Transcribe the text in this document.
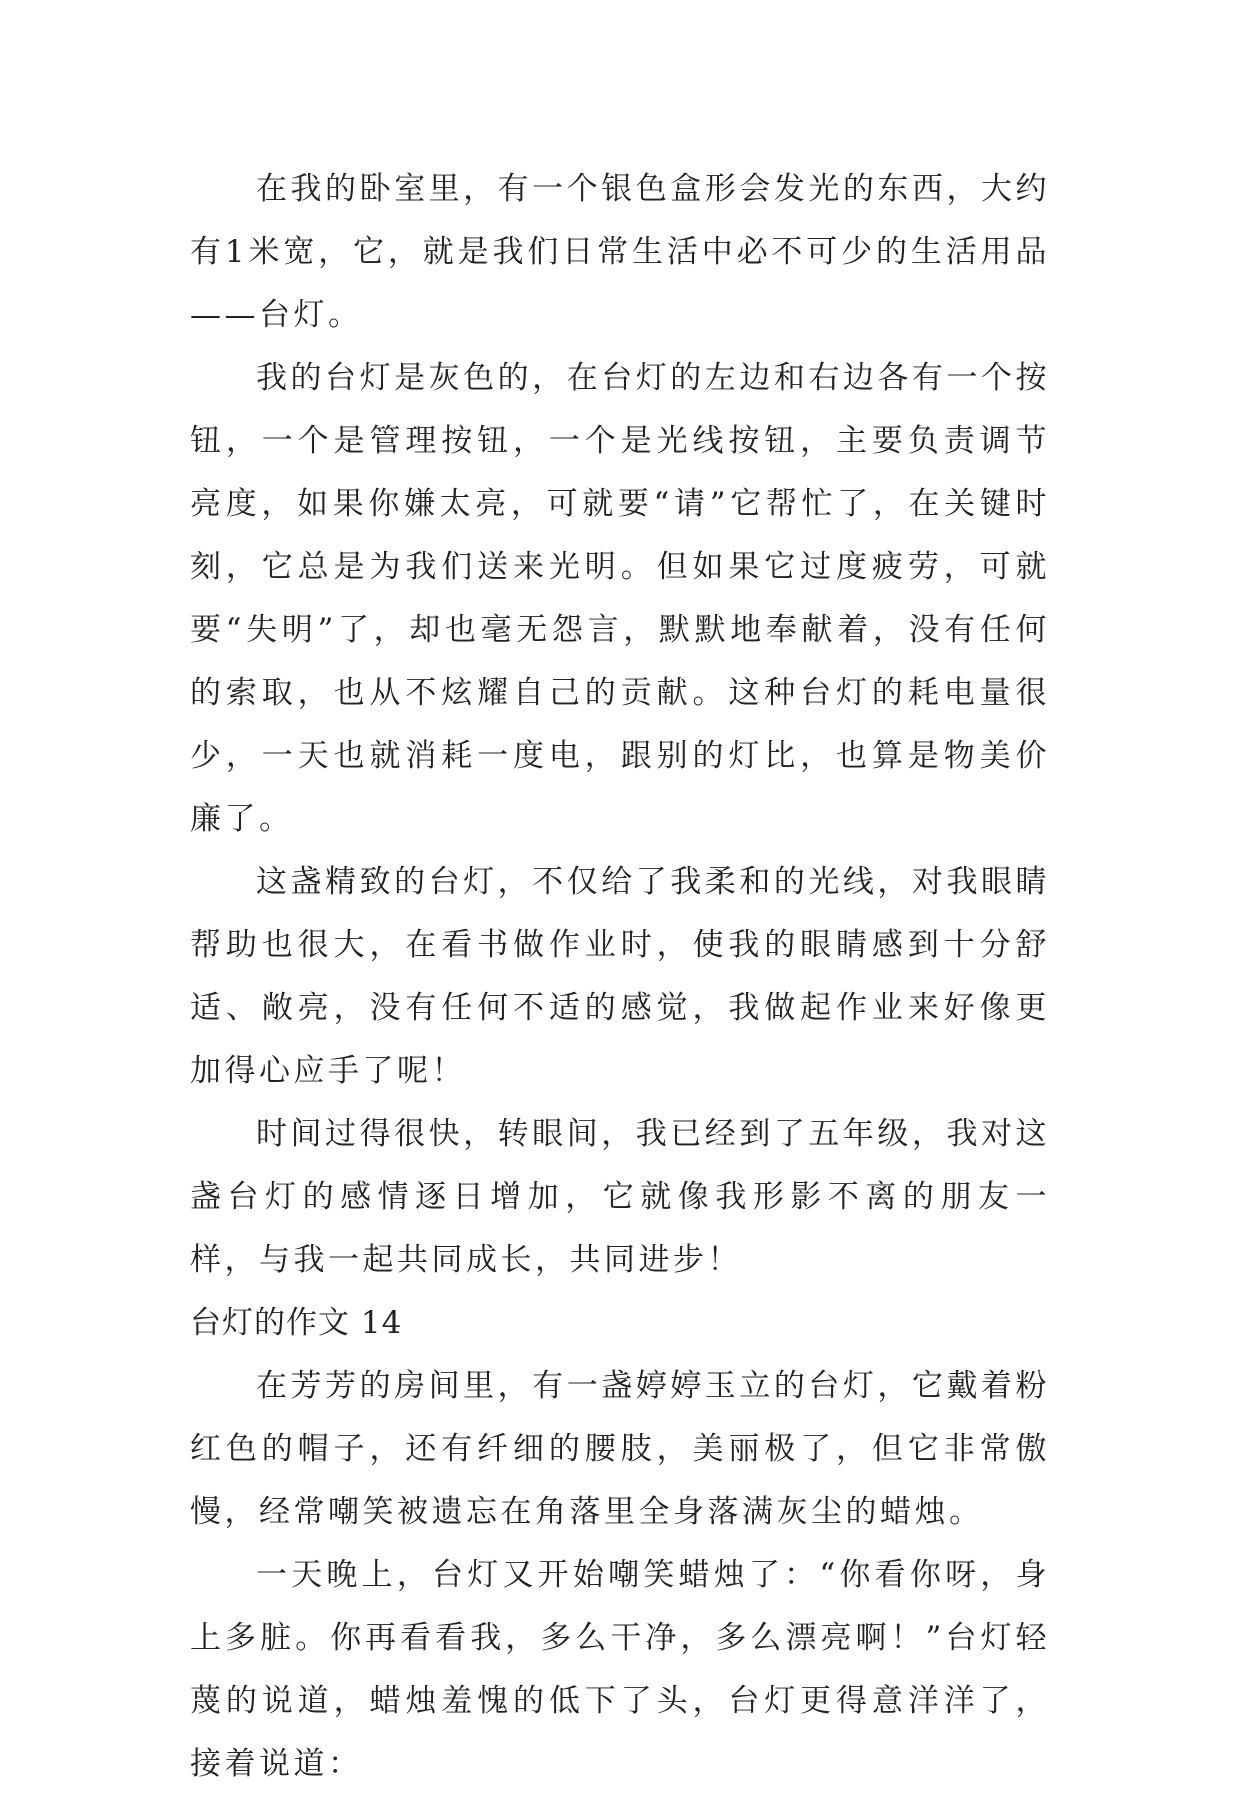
在我的卧室里，有一个银色盒形会发光的东西，大约有1米宽，它，就是我们日常生活中必不可少的生活用品——台灯。

我的台灯是灰色的，在台灯的左边和右边各有一个按钮，一个是管理按钮，一个是光线按钮，主要负责调节亮度，如果你嫌太亮，可就要“请”它帮忙了，在关键时刻，它总是为我们送来光明。但如果它过度疲劳，可就要“失明”了，却也毫无怨言，默默地奉献着，没有任何的索取，也从不炫耀自己的贡献。这种台灯的耗电量很少，一天也就消耗一度电，跟别的灯比，也算是物美价廉了。

这盏精致的台灯，不仅给了我柔和的光线，对我眼睛帮助也很大，在看书做作业时，使我的眼睛感到十分舒适、敞亮，没有任何不适的感觉，我做起作业来好像更加得心应手了呢！

时间过得很快，转眼间，我已经到了五年级，我对这盏台灯的感情逐日增加，它就像我形影不离的朋友一样，与我一起共同成长，共同进步！

台灯的作文 14

在芳芳的房间里，有一盏婷婷玉立的台灯，它戴着粉红色的帽子，还有纤细的腰肢，美丽极了，但它非常傲慢，经常嘲笑被遗忘在角落里全身落满灰尘的蜡烛。

一天晚上，台灯又开始嘲笑蜡烛了：“你看你呀，身上多脏。你再看看我，多么干净，多么漂亮啊！”台灯轻蔑的说道，蜡烛羞愧的低下了头，台灯更得意洋洋了，接着说道：
